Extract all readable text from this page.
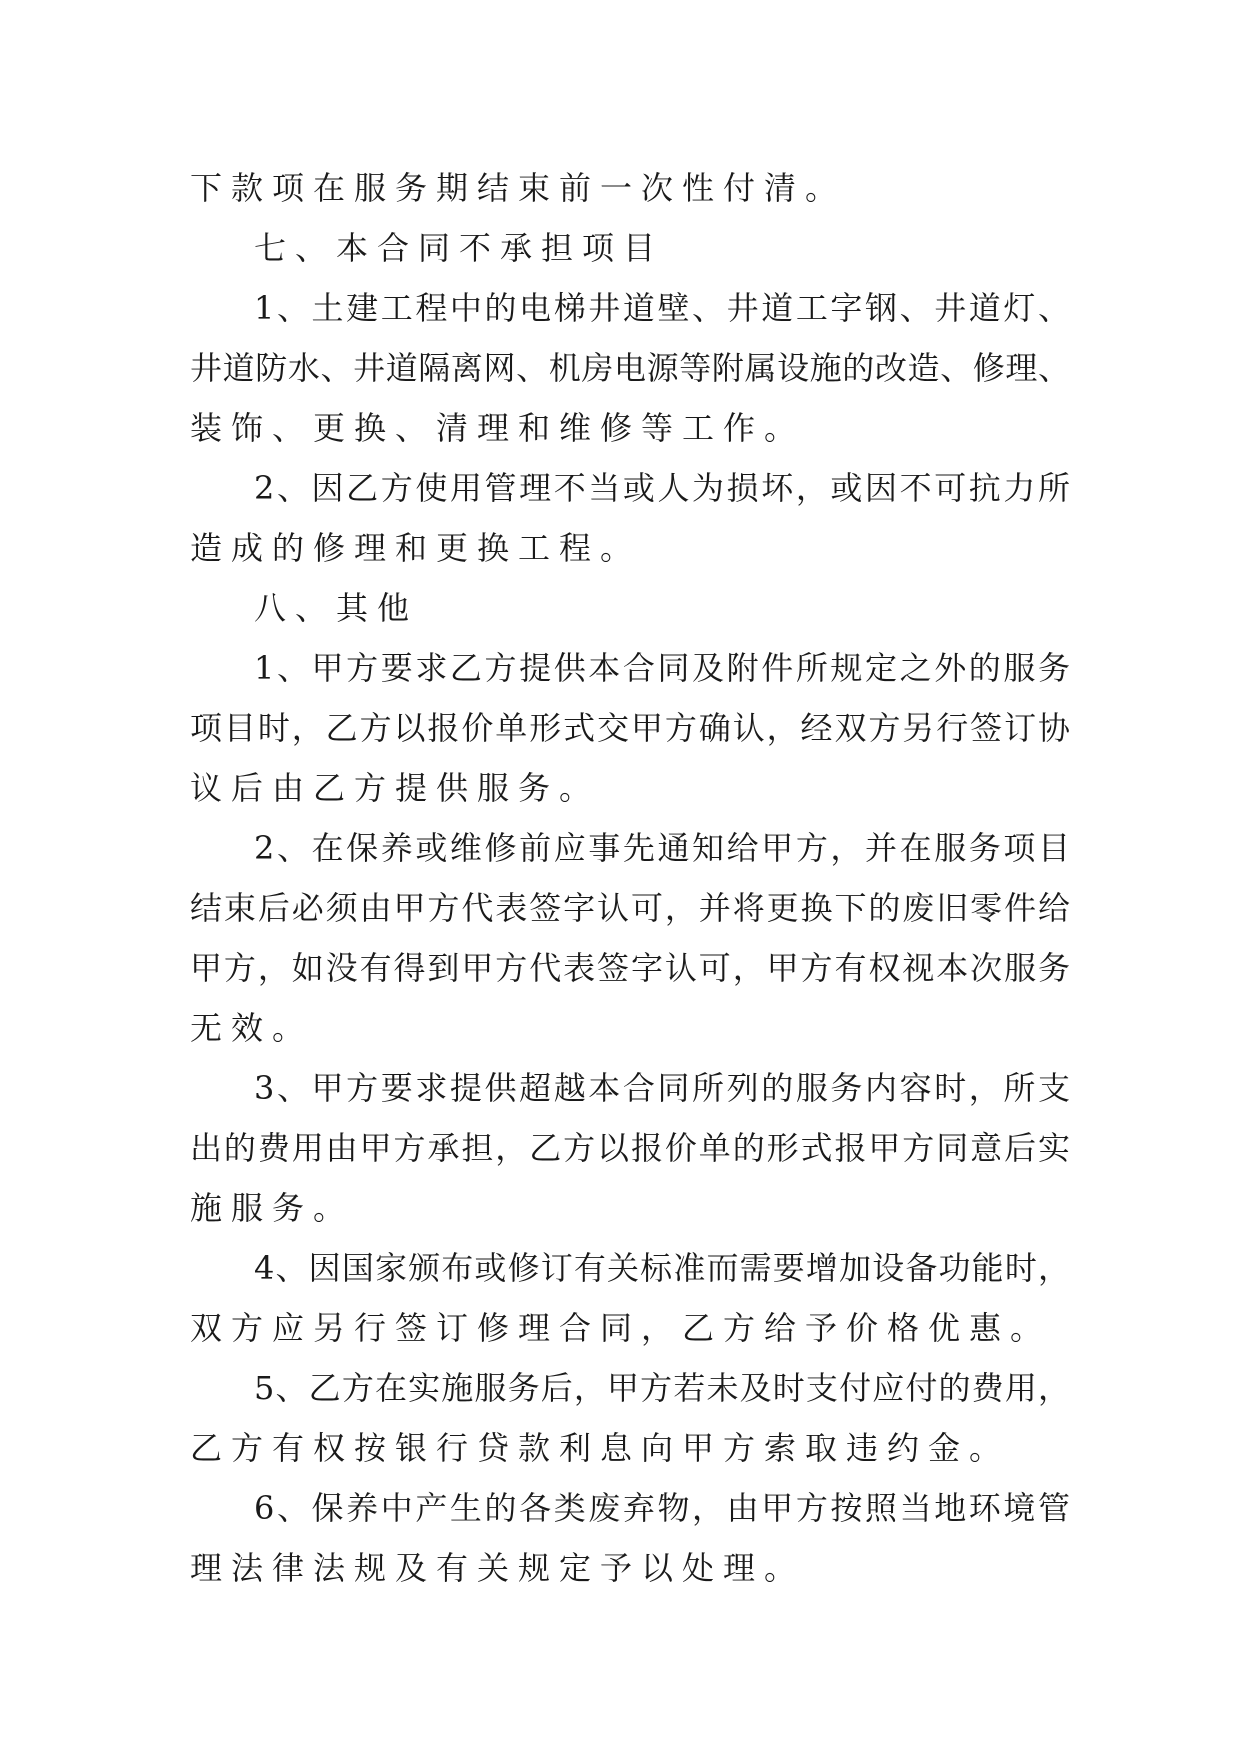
下款项在服务期结束前一次性付清。
七、本合同不承担项目
1、土建工程中的电梯井道壁、井道工字钢、井道灯、
井道防水、井道隔离网、机房电源等附属设施的改造、修理、
装饰、更换、清理和维修等工作。
2、因乙方使用管理不当或人为损坏，或因不可抗力所
造成的修理和更换工程。
八、其他
1、甲方要求乙方提供本合同及附件所规定之外的服务
项目时，乙方以报价单形式交甲方确认，经双方另行签订协
议后由乙方提供服务。
2、在保养或维修前应事先通知给甲方，并在服务项目
结束后必须由甲方代表签字认可，并将更换下的废旧零件给
甲方，如没有得到甲方代表签字认可，甲方有权视本次服务
无效。
3、甲方要求提供超越本合同所列的服务内容时，所支
出的费用由甲方承担，乙方以报价单的形式报甲方同意后实
施服务。
4、因国家颁布或修订有关标准而需要增加设备功能时，
双方应另行签订修理合同，乙方给予价格优惠。
5、乙方在实施服务后，甲方若未及时支付应付的费用，
乙方有权按银行贷款利息向甲方索取违约金。
6、保养中产生的各类废弃物，由甲方按照当地环境管
理法律法规及有关规定予以处理。
